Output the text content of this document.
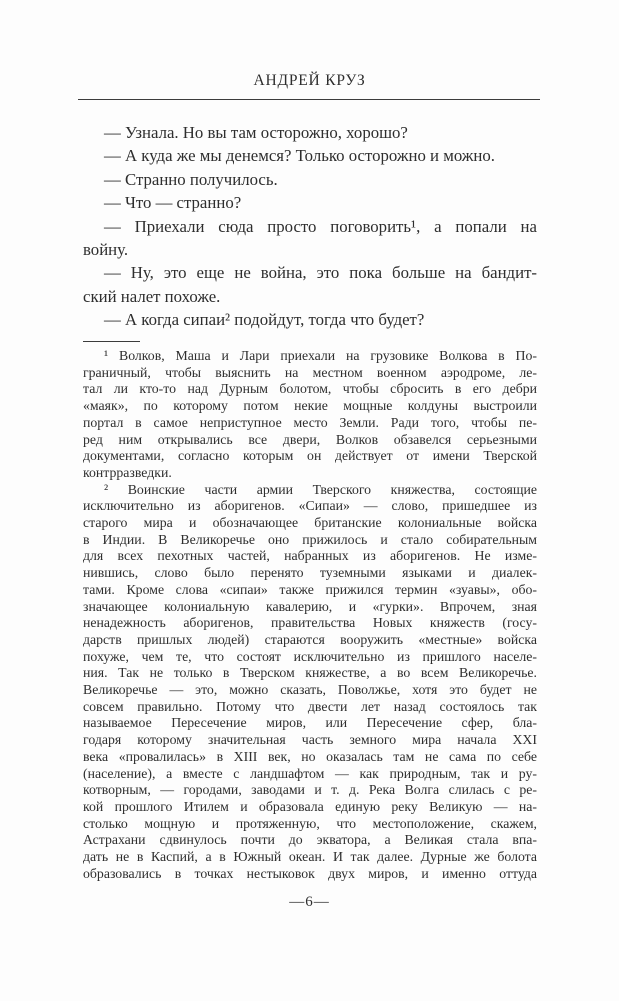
АНДРЕЙ КРУЗ
— Узнала. Но вы там осторожно, хорошо?
— А куда же мы денемся? Только осторожно и можно.
— Странно получилось.
— Что — странно?
— Приехали сюда просто поговорить¹, а попали на
войну.
— Ну, это еще не война, это пока больше на бандит-
ский налет похоже.
— А когда сипаи² подойдут, тогда что будет?
¹ Волков, Маша и Лари приехали на грузовике Волкова в По-
граничный, чтобы выяснить на местном военном аэродроме, ле-
тал ли кто-то над Дурным болотом, чтобы сбросить в его дебри
«маяк», по которому потом некие мощные колдуны выстроили
портал в самое неприступное место Земли. Ради того, чтобы пе-
ред ним открывались все двери, Волков обзавелся серьезными
документами, согласно которым он действует от имени Тверской
контрразведки.
² Воинские части армии Тверского княжества, состоящие
исключительно из аборигенов. «Сипаи» — слово, пришедшее из
старого мира и обозначающее британские колониальные войска
в Индии. В Великоречье оно прижилось и стало собирательным
для всех пехотных частей, набранных из аборигенов. Не изме-
нившись, слово было перенято туземными языками и диалек-
тами. Кроме слова «сипаи» также прижился термин «зуавы», обо-
значающее колониальную кавалерию, и «гурки». Впрочем, зная
ненадежность аборигенов, правительства Новых княжеств (госу-
дарств пришлых людей) стараются вооружить «местные» войска
похуже, чем те, что состоят исключительно из пришлого населе-
ния. Так не только в Тверском княжестве, а во всем Великоречье.
Великоречье — это, можно сказать, Поволжье, хотя это будет не
совсем правильно. Потому что двести лет назад состоялось так
называемое Пересечение миров, или Пересечение сфер, бла-
годаря которому значительная часть земного мира начала XXI
века «провалилась» в XIII век, но оказалась там не сама по себе
(население), а вместе с ландшафтом — как природным, так и ру-
котворным, — городами, заводами и т. д. Река Волга слилась с ре-
кой прошлого Итилем и образовала единую реку Великую — на-
столько мощную и протяженную, что местоположение, скажем,
Астрахани сдвинулось почти до экватора, а Великая стала впа-
дать не в Каспий, а в Южный океан. И так далее. Дурные же болота
образовались в точках нестыковок двух миров, и именно оттуда
—6—
